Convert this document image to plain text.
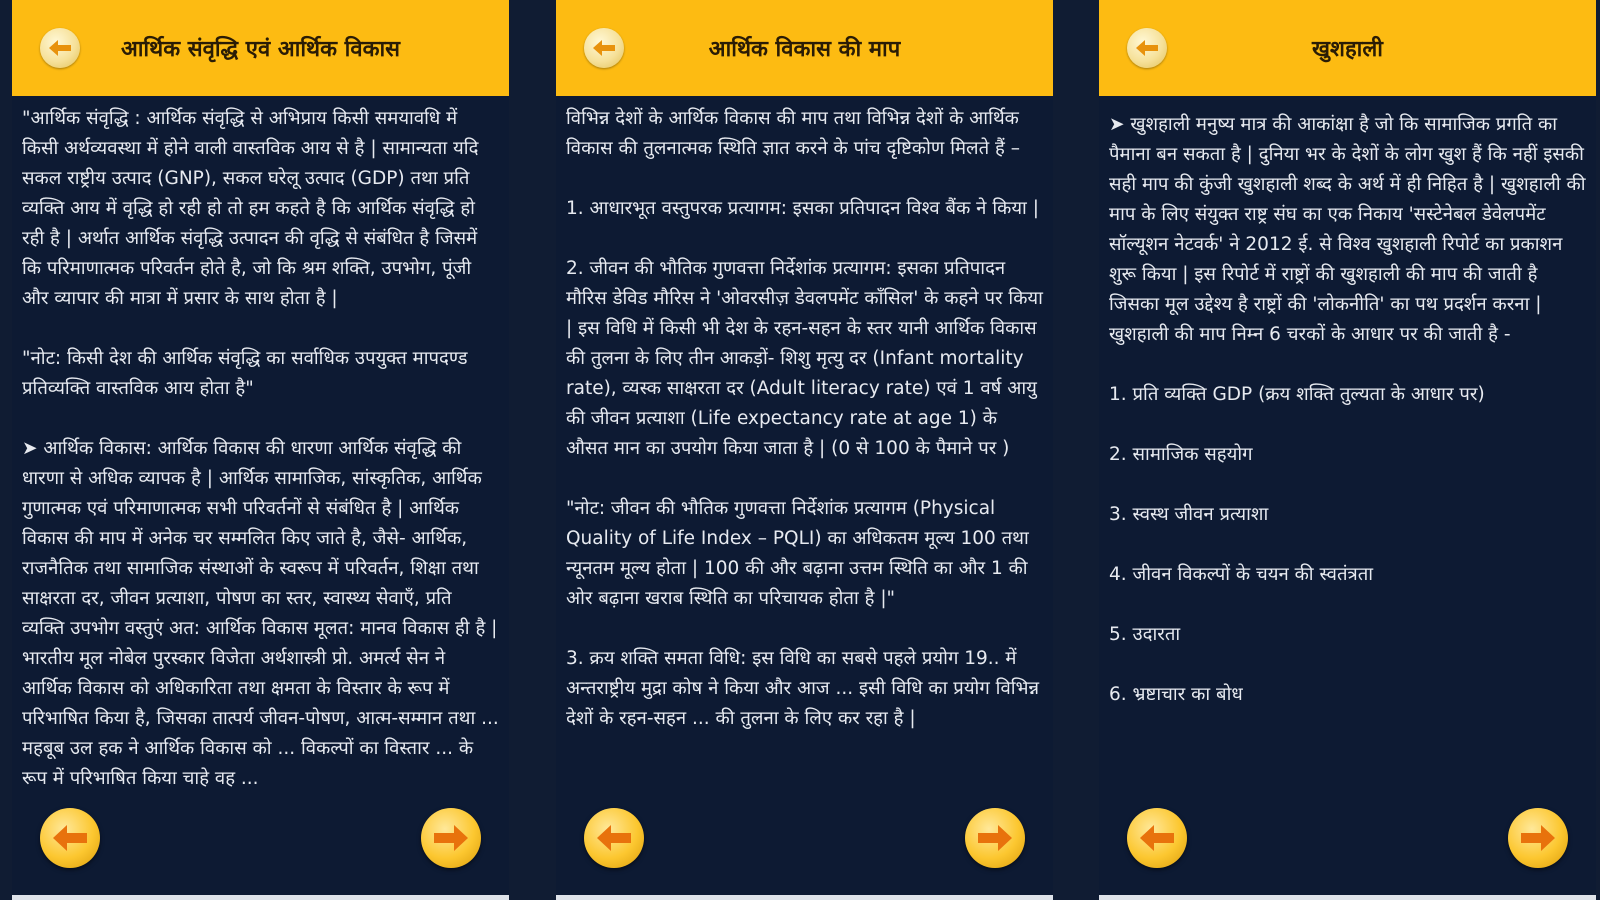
आर्थिक संवृद्धि एवं आर्थिक विकास

"आर्थिक संवृद्धि : आर्थिक संवृद्धि से अभिप्राय किसी समयावधि में किसी अर्थव्यवस्था में होने वाली वास्तविक आय से है | सामान्यता यदि सकल राष्ट्रीय उत्पाद (GNP), सकल घरेलू उत्पाद (GDP) तथा प्रति व्यक्ति आय में वृद्धि हो रही हो तो हम कहते है कि आर्थिक संवृद्धि हो रही है | अर्थात आर्थिक संवृद्धि उत्पादन की वृद्धि से संबंधित है जिसमें कि परिमाणात्मक परिवर्तन होते है, जो कि श्रम शक्ति, उपभोग, पूंजी और व्यापार की मात्रा में प्रसार के साथ होता है |

"नोट: किसी देश की आर्थिक संवृद्धि का सर्वाधिक उपयुक्त मापदण्ड प्रतिव्यक्ति वास्तविक आय होता है"

➤ आर्थिक विकास: आर्थिक विकास की धारणा आर्थिक संवृद्धि की धारणा से अधिक व्यापक है | आर्थिक सामाजिक, सांस्कृतिक, आर्थिक गुणात्मक एवं परिमाणात्मक सभी परिवर्तनों से संबंधित है | आर्थिक विकास की माप में अनेक चर सम्मलित किए जाते है, जैसे- आर्थिक, राजनैतिक तथा सामाजिक संस्थाओं के स्वरूप में परिवर्तन, शिक्षा तथा साक्षरता दर, जीवन प्रत्याशा, पोषण का स्तर, स्वास्थ्य सेवाएँ, प्रति व्यक्ति उपभोग वस्तुएं अत: आर्थिक विकास मूलत: मानव विकास ही है | भारतीय मूल नोबेल पुरस्कार विजेता अर्थशास्त्री प्रो. अमर्त्य सेन ने आर्थिक विकास को अधिकारिता तथा क्षमता के विस्तार के रूप में परिभाषित किया है, जिसका तात्पर्य जीवन-पोषण, आत्म-सम्मान तथा ... महबूब उल हक ने आर्थिक विकास को ... विकल्पों का विस्तार ... के रूप में परिभाषित किया चाहे वह ...

आर्थिक विकास की माप

विभिन्न देशों के आर्थिक विकास की माप तथा विभिन्न देशों के आर्थिक विकास की तुलनात्मक स्थिति ज्ञात करने के पांच दृष्टिकोण मिलते हैं –

1. आधारभूत वस्तुपरक प्रत्यागम: इसका प्रतिपादन विश्व बैंक ने किया |

2. जीवन की भौतिक गुणवत्ता निर्देशांक प्रत्यागम: इसका प्रतिपादन मौरिस डेविड मौरिस ने 'ओवरसीज़ डेवलपमेंट काँसिल' के कहने पर किया | इस विधि में किसी भी देश के रहन-सहन के स्तर यानी आर्थिक विकास की तुलना के लिए तीन आकड़ों- शिशु मृत्यु दर (Infant mortality rate), व्यस्क साक्षरता दर (Adult literacy rate) एवं 1 वर्ष आयु की जीवन प्रत्याशा (Life expectancy rate at age 1) के औसत मान का उपयोग किया जाता है | (0 से 100 के पैमाने पर )

"नोट: जीवन की भौतिक गुणवत्ता निर्देशांक प्रत्यागम (Physical Quality of Life Index – PQLI) का अधिकतम मूल्य 100 तथा न्यूनतम मूल्य होता | 100 की और बढ़ाना उत्तम स्थिति का और 1 की ओर बढ़ाना खराब स्थिति का परिचायक होता है |"

3. क्रय शक्ति समता विधि: इस विधि का सबसे पहले प्रयोग 19.. में अन्तराष्ट्रीय मुद्रा कोष ने किया और आज ... इसी विधि का प्रयोग विभिन्न देशों के रहन-सहन ... की तुलना के लिए कर रहा है |

खुशहाली

➤ खुशहाली मनुष्य मात्र की आकांक्षा है जो कि सामाजिक प्रगति का पैमाना बन सकता है | दुनिया भर के देशों के लोग खुश हैं कि नहीं इसकी सही माप की कुंजी खुशहाली शब्द के अर्थ में ही निहित है | खुशहाली की माप के लिए संयुक्त राष्ट्र संघ का एक निकाय 'सस्टेनेबल डेवेलपमेंट सॉल्यूशन नेटवर्क' ने 2012 ई. से विश्व खुशहाली रिपोर्ट का प्रकाशन शुरू किया | इस रिपोर्ट में राष्ट्रों की खुशहाली की माप की जाती है जिसका मूल उद्देश्य है राष्ट्रों की 'लोकनीति' का पथ प्रदर्शन करना | खुशहाली की माप निम्न 6 चरकों के आधार पर की जाती है -

1. प्रति व्यक्ति GDP (क्रय शक्ति तुल्यता के आधार पर)

2. सामाजिक सहयोग

3. स्वस्थ जीवन प्रत्याशा

4. जीवन विकल्पों के चयन की स्वतंत्रता

5. उदारता

6. भ्रष्टाचार का बोध
